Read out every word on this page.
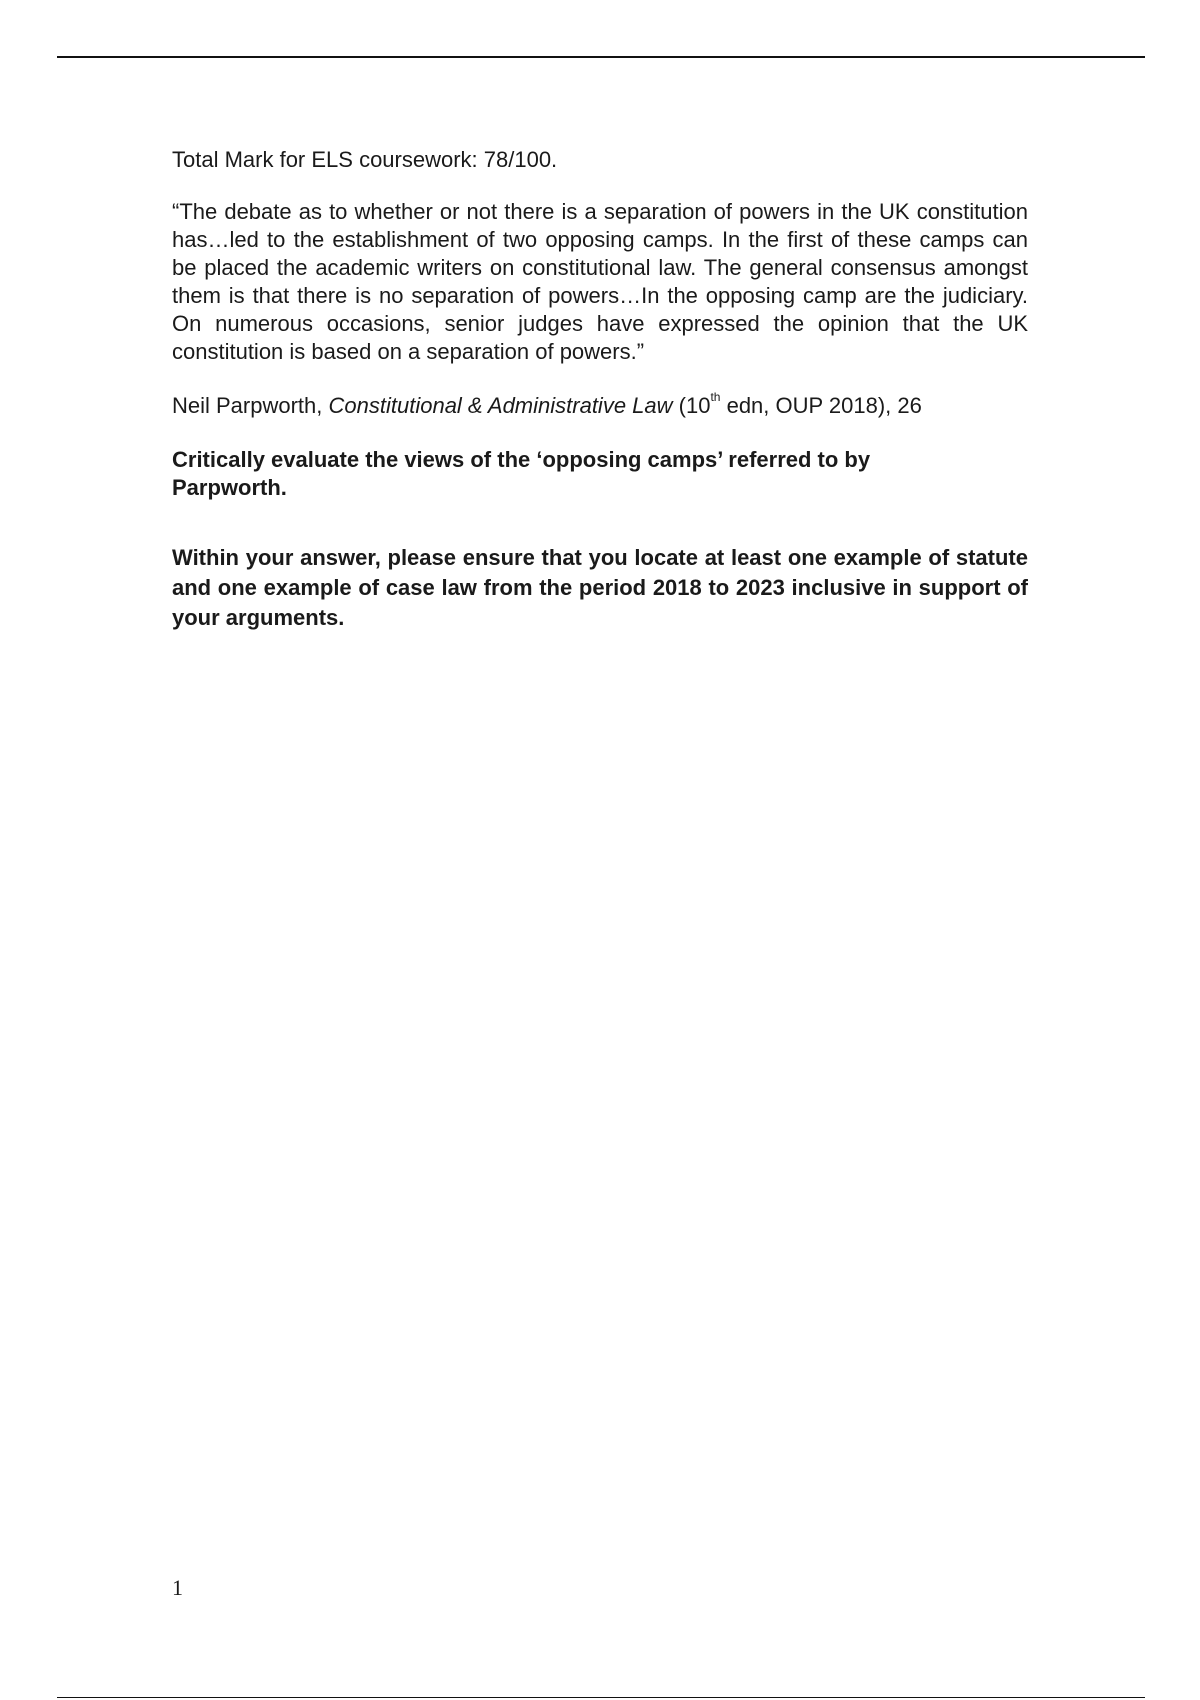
Total Mark for ELS coursework: 78/100.

“The debate as to whether or not there is a separation of powers in the UK constitution has…led to the establishment of two opposing camps. In the first of these camps can be placed the academic writers on constitutional law. The general consensus amongst them is that there is no separation of powers…In the opposing camp are the judiciary. On numerous occasions, senior judges have expressed the opinion that the UK constitution is based on a separation of powers.”

Neil Parpworth, Constitutional & Administrative Law (10th edn, OUP 2018), 26

Critically evaluate the views of the ‘opposing camps’ referred to by Parpworth.

Within your answer, please ensure that you locate at least one example of statute and one example of case law from the period 2018 to 2023 inclusive in support of your arguments.

1
